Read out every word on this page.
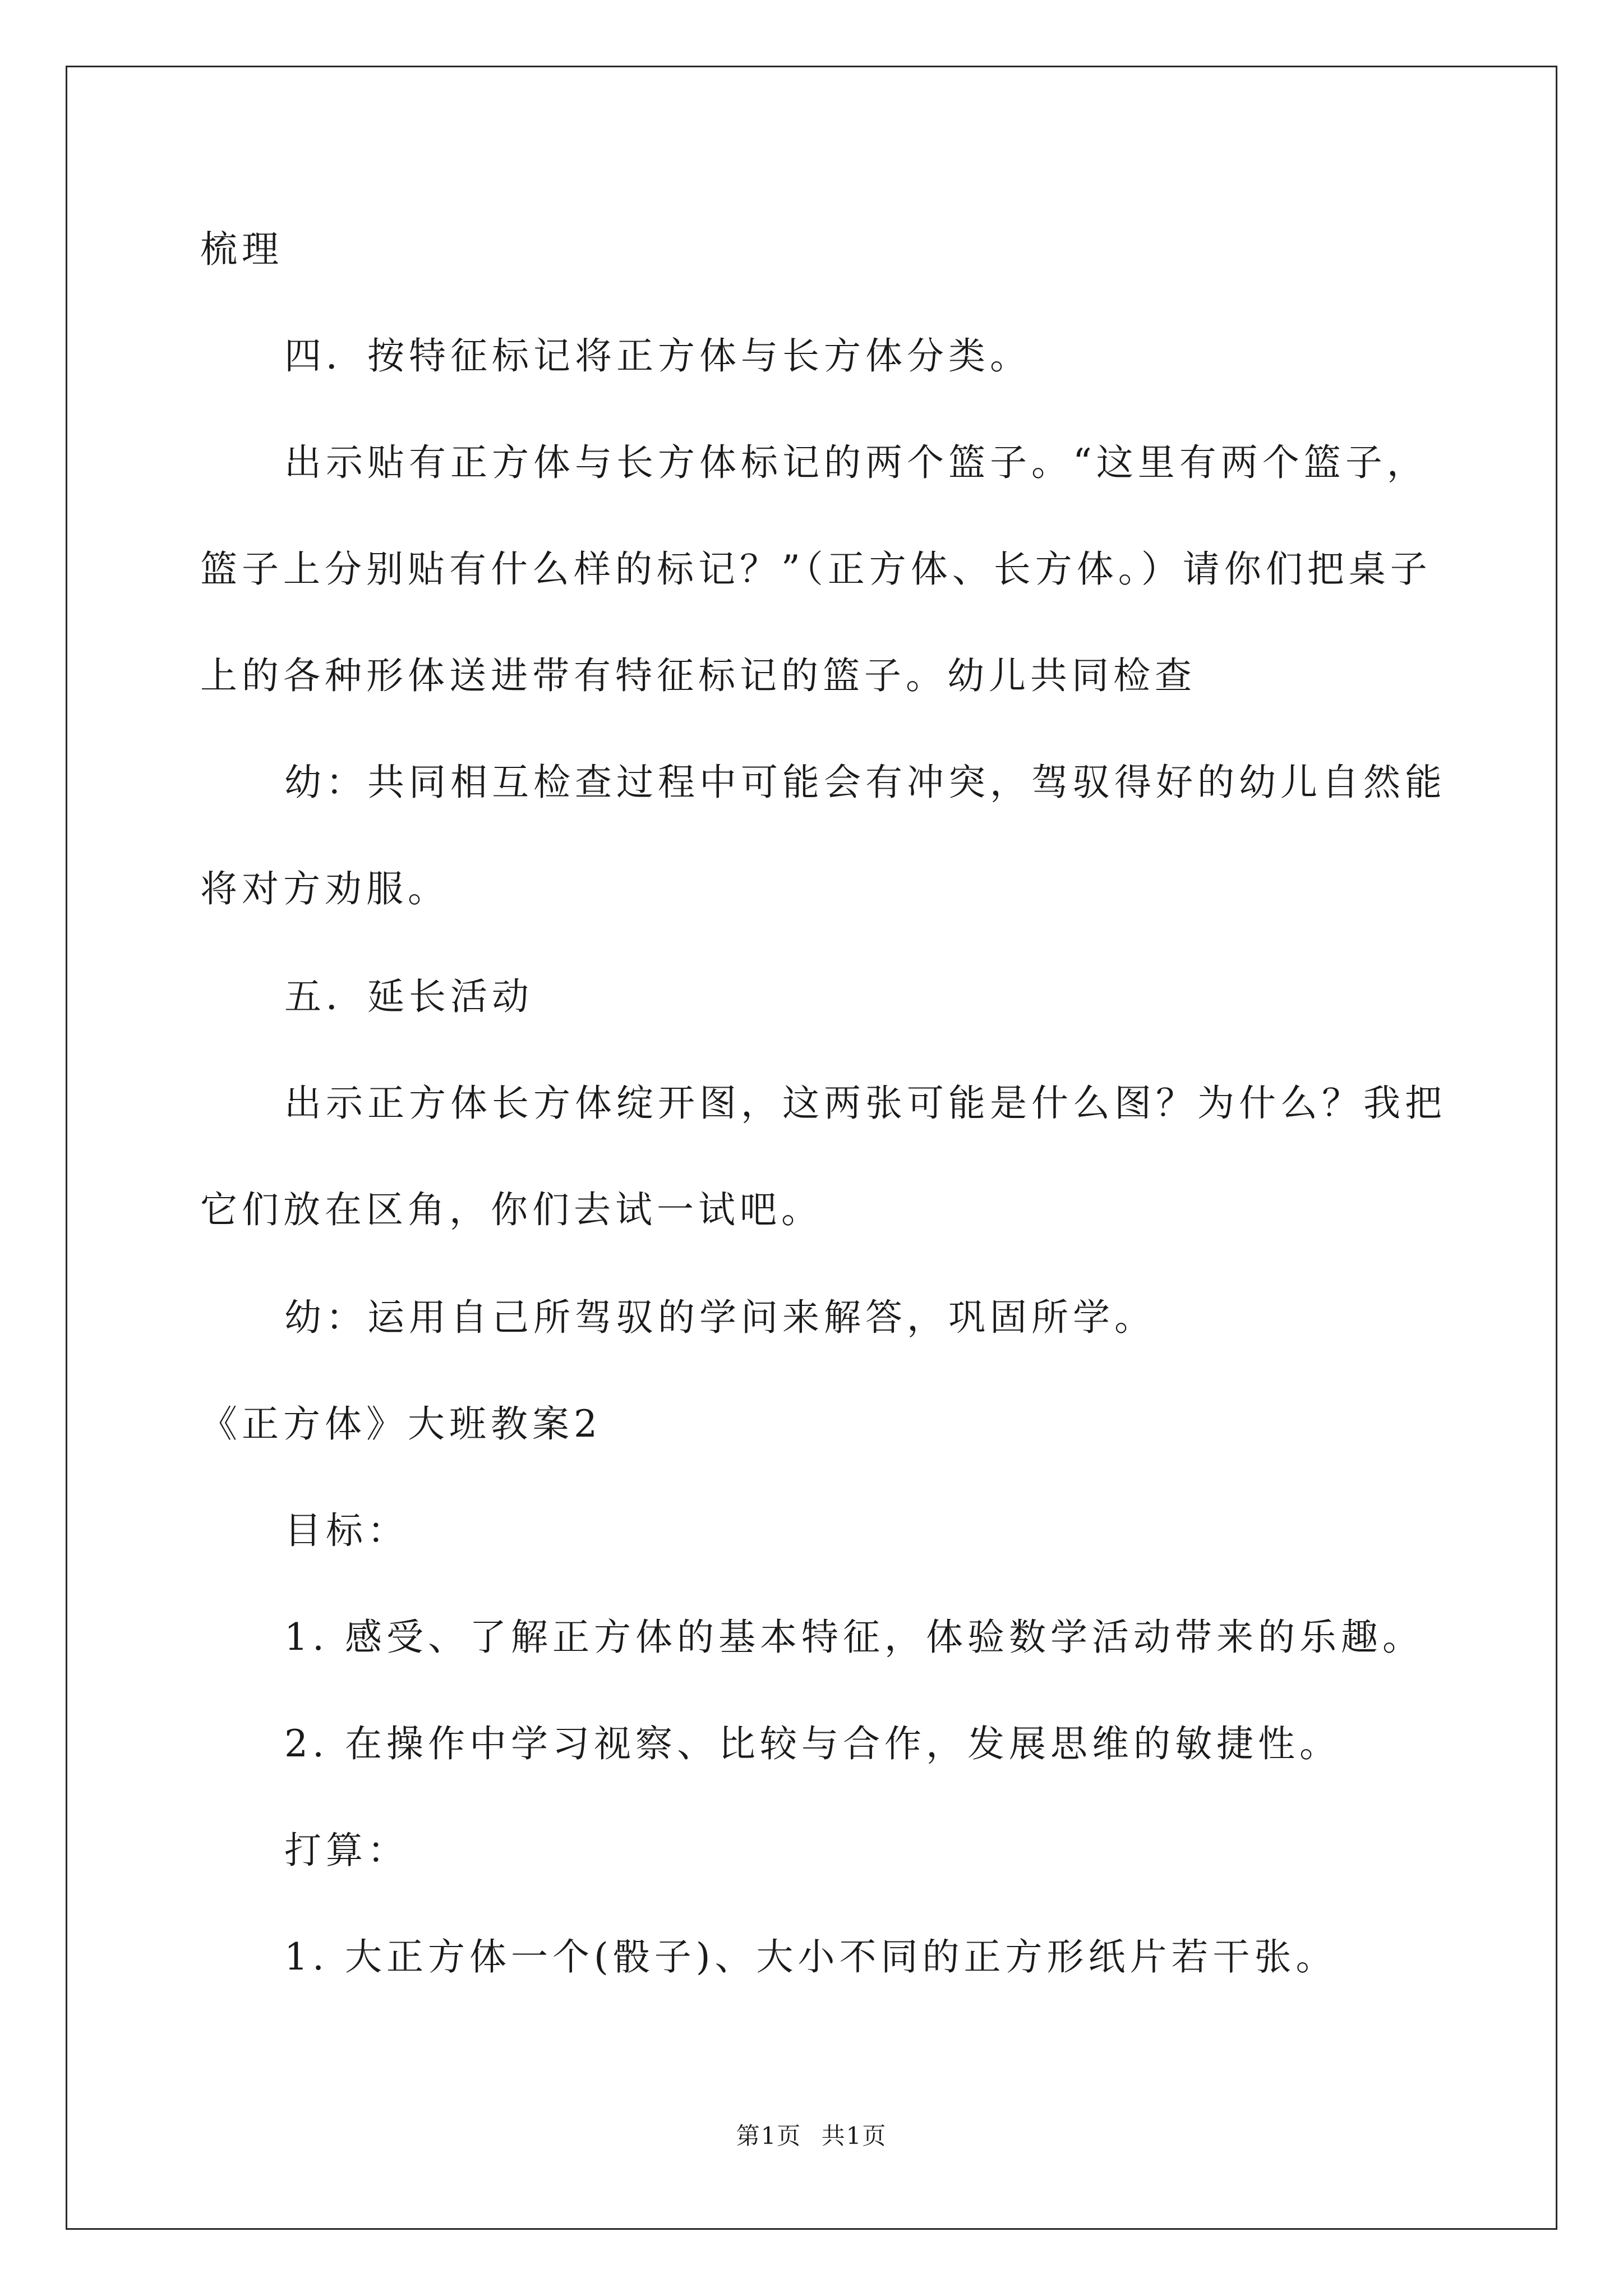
梳理
四．按特征标记将正方体与长方体分类。
出示贴有正方体与长方体标记的两个篮子。“这里有两个篮子，
篮子上分别贴有什么样的标记？”（正方体、长方体。）请你们把桌子
上的各种形体送进带有特征标记的篮子。幼儿共同检查
幼：共同相互检查过程中可能会有冲突，驾驭得好的幼儿自然能
将对方劝服。
五．延长活动
出示正方体长方体绽开图，这两张可能是什么图？为什么？我把
它们放在区角，你们去试一试吧。
幼：运用自己所驾驭的学问来解答，巩固所学。
《正方体》大班教案2
目标：
1. 感受、了解正方体的基本特征，体验数学活动带来的乐趣。
2. 在操作中学习视察、比较与合作，发展思维的敏捷性。
打算：
1. 大正方体一个(骰子)、大小不同的正方形纸片若干张。
第1页 共1页
